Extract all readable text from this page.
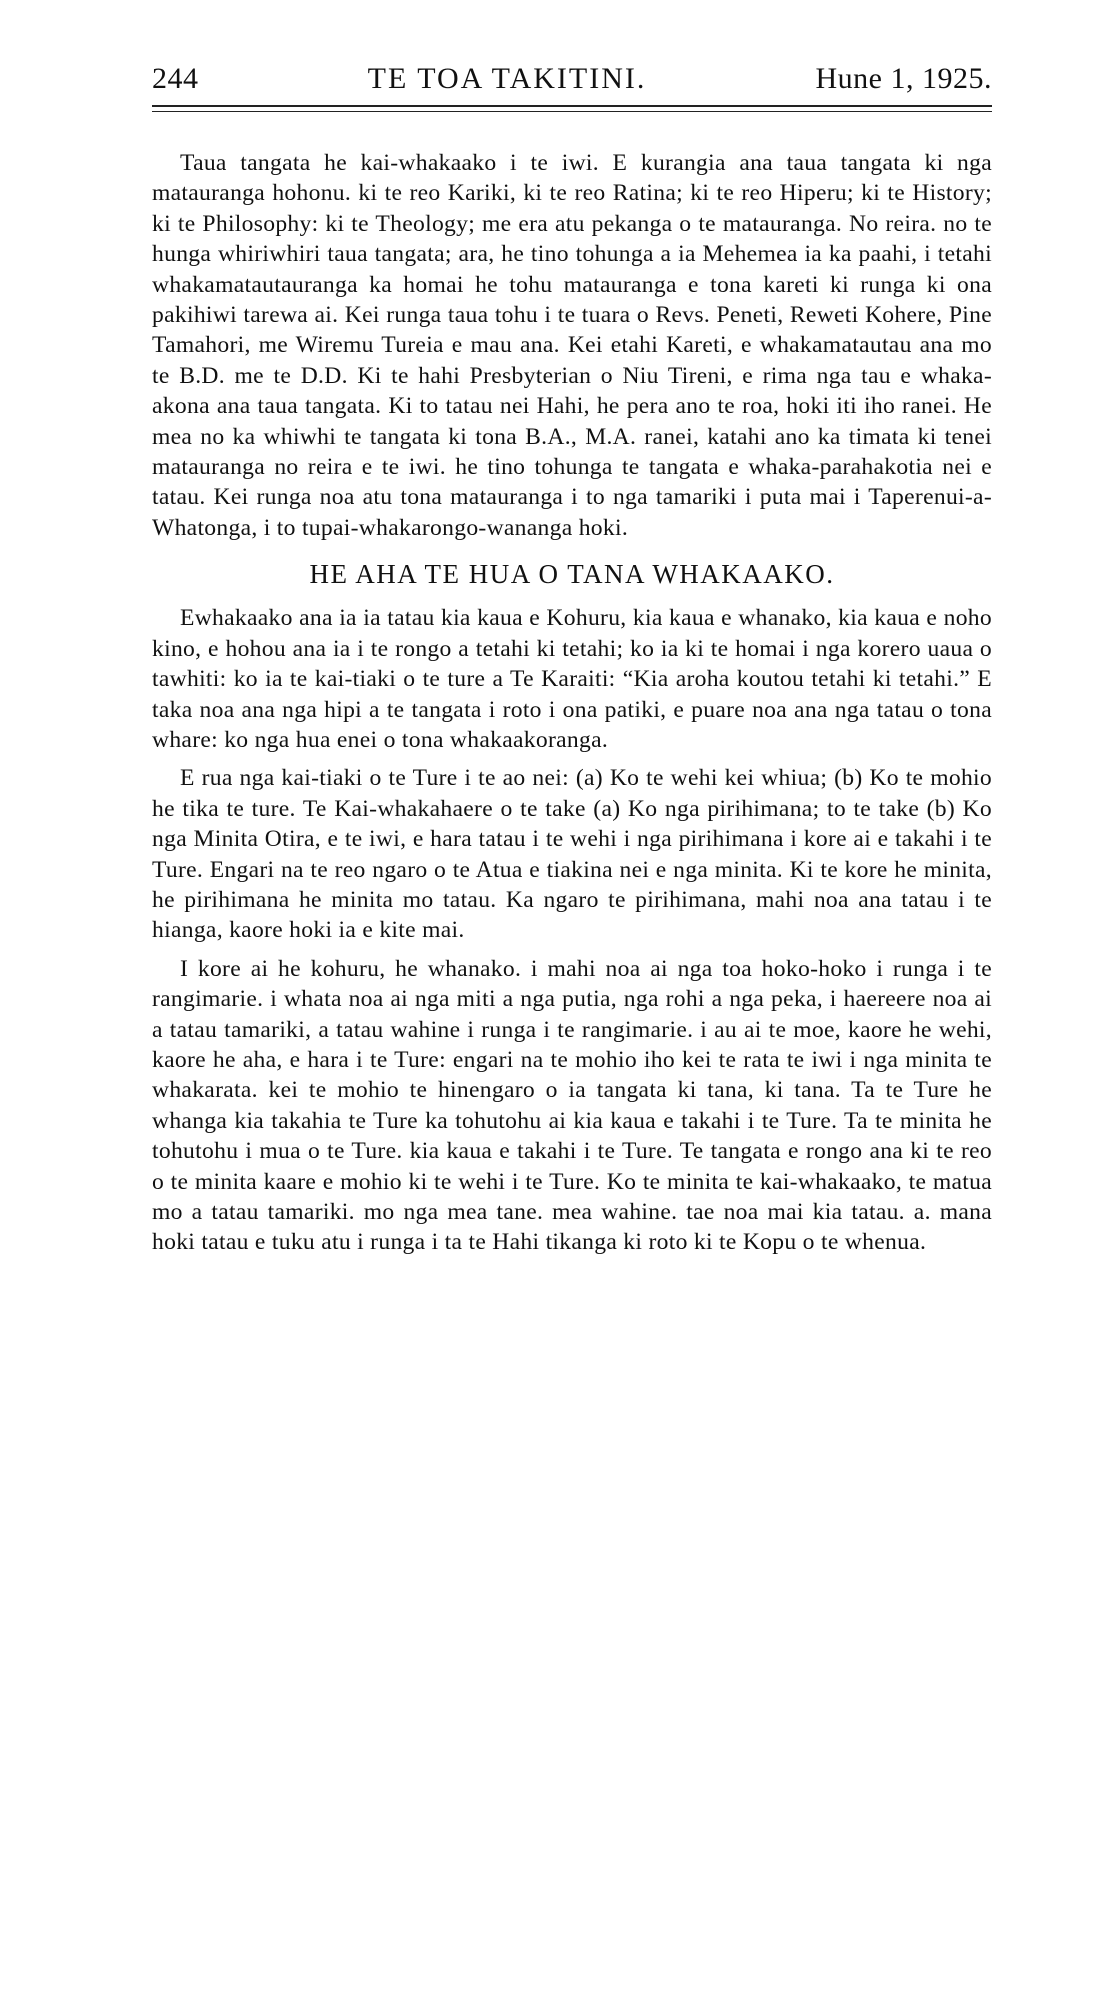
244	TE TOA TAKITINI.	Hune 1, 1925.

Taua tangata he kai-whakaako i te iwi. E kurangia ana taua tangata ki nga matauranga hohonu. ki te reo Kariki, ki te reo Ratina; ki te reo Hiperu; ki te History; ki te Philosophy: ki te Theology; me era atu pekanga o te matauranga. No reira. no te hunga whiriwhiri taua tangata; ara, he tino tohunga a ia Mehemea ia ka paahi, i tetahi whakamatautauranga ka homai he tohu matauranga e tona kareti ki runga ki ona pakihiwi tarewa ai. Kei runga taua tohu i te tuara o Revs. Peneti, Reweti Kohere, Pine Tamahori, me Wiremu Tureia e mau ana. Kei etahi Kareti, e whakamatautau ana mo te B.D. me te D.D. Ki te hahi Presbyterian o Niu Tireni, e rima nga tau e whaka-akona ana taua tangata. Ki to tatau nei Hahi, he pera ano te roa, hoki iti iho ranei. He mea no ka whiwhi te tangata ki tona B.A., M.A. ranei, katahi ano ka timata ki tenei matauranga no reira e te iwi. he tino tohunga te tangata e whaka-parahakotia nei e tatau. Kei runga noa atu tona matauranga i to nga tamariki i puta mai i Taperenui-a-Whatonga, i to tupai-whakarongo-wananga hoki.

HE AHA TE HUA O TANA WHAKAAKO.

Ewhakaako ana ia ia tatau kia kaua e Kohuru, kia kaua e whanako, kia kaua e noho kino, e hohou ana ia i te rongo a tetahi ki tetahi; ko ia ki te homai i nga korero uaua o tawhiti: ko ia te kai-tiaki o te ture a Te Karaiti: “Kia aroha koutou tetahi ki tetahi.” E taka noa ana nga hipi a te tangata i roto i ona patiki, e puare noa ana nga tatau o tona whare: ko nga hua enei o tona whakaakoranga.

E rua nga kai-tiaki o te Ture i te ao nei: (a) Ko te wehi kei whiua; (b) Ko te mohio he tika te ture. Te Kai-whakahaere o te take (a) Ko nga pirihimana; to te take (b) Ko nga Minita Otira, e te iwi, e hara tatau i te wehi i nga pirihimana i kore ai e takahi i te Ture. Engari na te reo ngaro o te Atua e tiakina nei e nga minita. Ki te kore he minita, he pirihimana he minita mo tatau. Ka ngaro te pirihimana, mahi noa ana tatau i te hianga, kaore hoki ia e kite mai.

I kore ai he kohuru, he whanako. i mahi noa ai nga toa hoko-hoko i runga i te rangimarie. i whata noa ai nga miti a nga putia, nga rohi a nga peka, i haereere noa ai a tatau tamariki, a tatau wahine i runga i te rangimarie. i au ai te moe, kaore he wehi, kaore he aha, e hara i te Ture: engari na te mohio iho kei te rata te iwi i nga minita te whakarata. kei te mohio te hinengaro o ia tangata ki tana, ki tana. Ta te Ture he whanga kia takahia te Ture ka tohutohu ai kia kaua e takahi i te Ture. Ta te minita he tohutohu i mua o te Ture. kia kaua e takahi i te Ture. Te tangata e rongo ana ki te reo o te minita kaare e mohio ki te wehi i te Ture. Ko te minita te kai-whakaako, te matua mo a tatau tamariki. mo nga mea tane. mea wahine. tae noa mai kia tatau. a. mana hoki tatau e tuku atu i runga i ta te Hahi tikanga ki roto ki te Kopu o te whenua.
